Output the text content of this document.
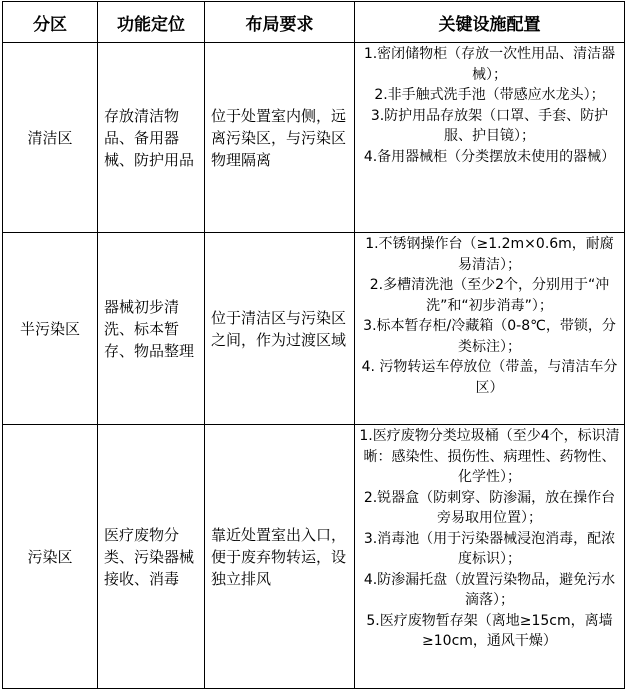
分区	功能定位	布局要求	关键设施配置
清洁区	存放清洁物品、备用器械、防护用品	位于处置室内侧，远离污染区，与污染区物理隔离	1.密闭储物柜（存放一次性用品、清洁器械）；
2.非手触式洗手池（带感应水龙头）；
3.防护用品存放架（口罩、手套、防护服、护目镜）；
4.备用器械柜（分类摆放未使用的器械）

半污染区	器械初步清洗、标本暂存、物品整理	位于清洁区与污染区之间，作为过渡区域	1.不锈钢操作台（≥1.2m×0.6m，耐腐易清洁）；
2.多槽清洗池（至少2个，分别用于“冲洗”和“初步消毒”）；
3.标本暂存柜/冷藏箱（0-8℃，带锁，分类标注）；
4. 污物转运车停放位（带盖，与清洁车分区）

污染区	医疗废物分类、污染器械接收、消毒	靠近处置室出入口，便于废弃物转运，设独立排风	1.医疗废物分类垃圾桶（至少4个，标识清晰：感染性、损伤性、病理性、药物性、化学性）；
2.锐器盒（防刺穿、防渗漏，放在操作台旁易取用位置）；
3.消毒池（用于污染器械浸泡消毒，配浓度标识）；
4.防渗漏托盘（放置污染物品，避免污水滴落）；
5.医疗废物暂存架（离地≥15cm，离墙≥10cm，通风干燥）
